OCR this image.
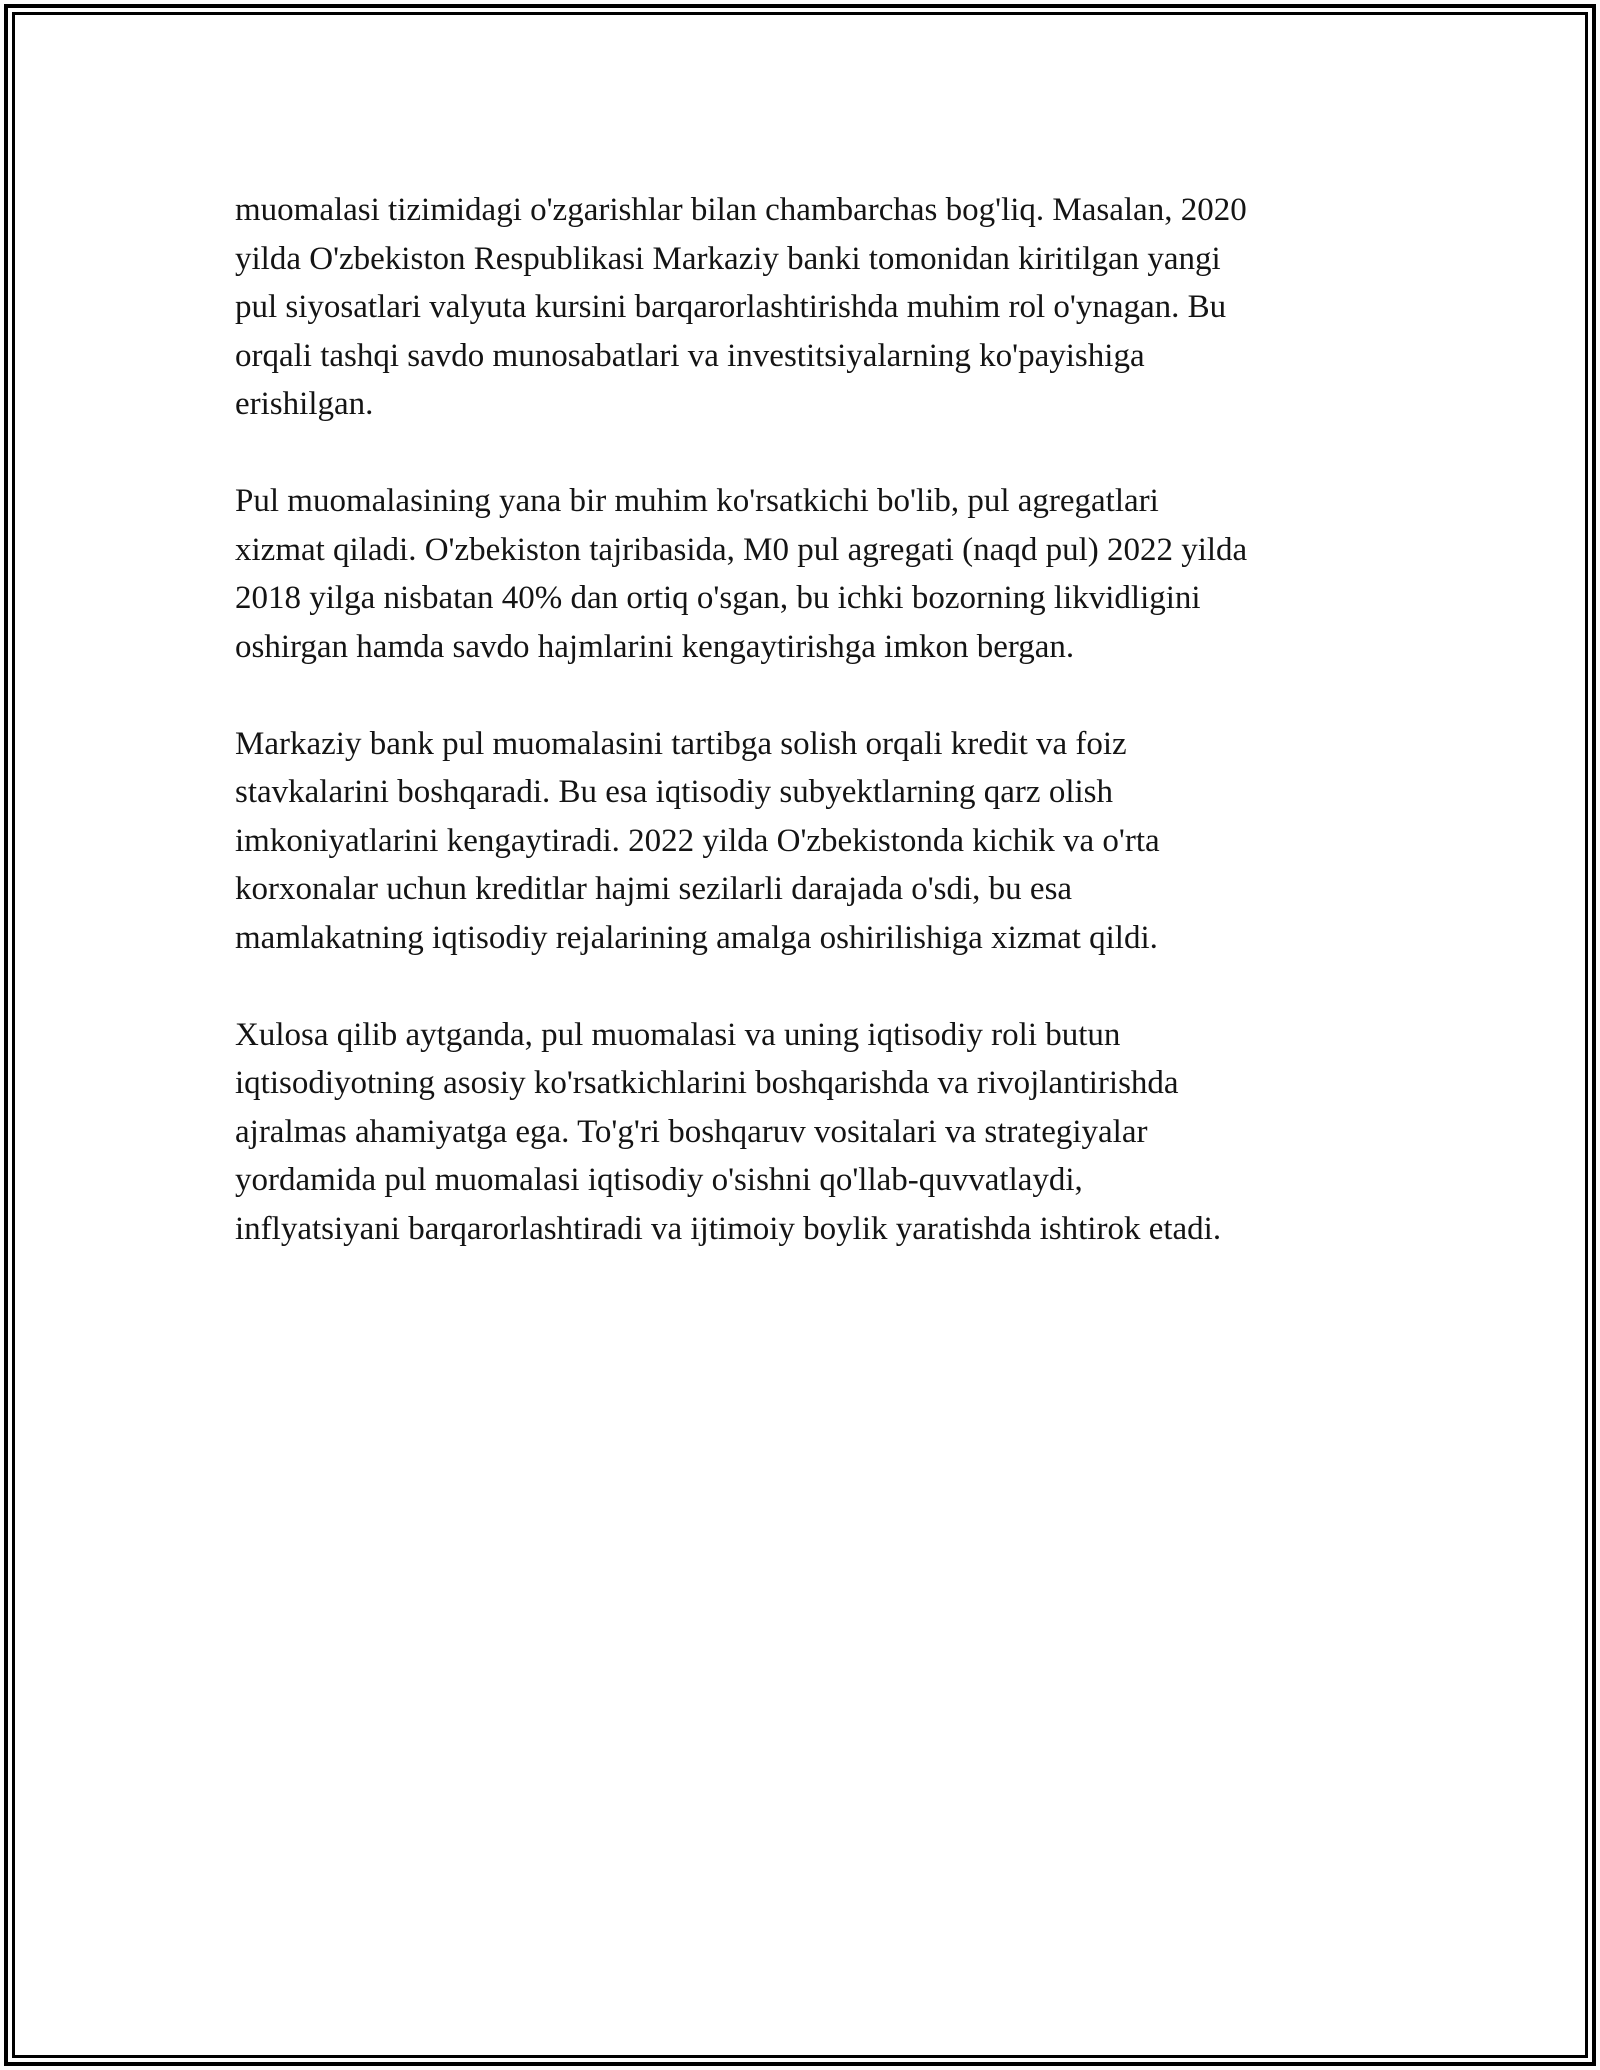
muomalasi tizimidagi o'zgarishlar bilan chambarchas bog'liq. Masalan, 2020
yilda O'zbekiston Respublikasi Markaziy banki tomonidan kiritilgan yangi
pul siyosatlari valyuta kursini barqarorlashtirishda muhim rol o'ynagan. Bu
orqali tashqi savdo munosabatlari va investitsiyalarning ko'payishiga
erishilgan.

Pul muomalasining yana bir muhim ko'rsatkichi bo'lib, pul agregatlari
xizmat qiladi. O'zbekiston tajribasida, M0 pul agregati (naqd pul) 2022 yilda
2018 yilga nisbatan 40% dan ortiq o'sgan, bu ichki bozorning likvidligini
oshirgan hamda savdo hajmlarini kengaytirishga imkon bergan.

Markaziy bank pul muomalasini tartibga solish orqali kredit va foiz
stavkalarini boshqaradi. Bu esa iqtisodiy subyektlarning qarz olish
imkoniyatlarini kengaytiradi. 2022 yilda O'zbekistonda kichik va o'rta
korxonalar uchun kreditlar hajmi sezilarli darajada o'sdi, bu esa
mamlakatning iqtisodiy rejalarining amalga oshirilishiga xizmat qildi.

Xulosa qilib aytganda, pul muomalasi va uning iqtisodiy roli butun
iqtisodiyotning asosiy ko'rsatkichlarini boshqarishda va rivojlantirishda
ajralmas ahamiyatga ega. To'g'ri boshqaruv vositalari va strategiyalar
yordamida pul muomalasi iqtisodiy o'sishni qo'llab-quvvatlaydi,
inflyatsiyani barqarorlashtiradi va ijtimoiy boylik yaratishda ishtirok etadi.
